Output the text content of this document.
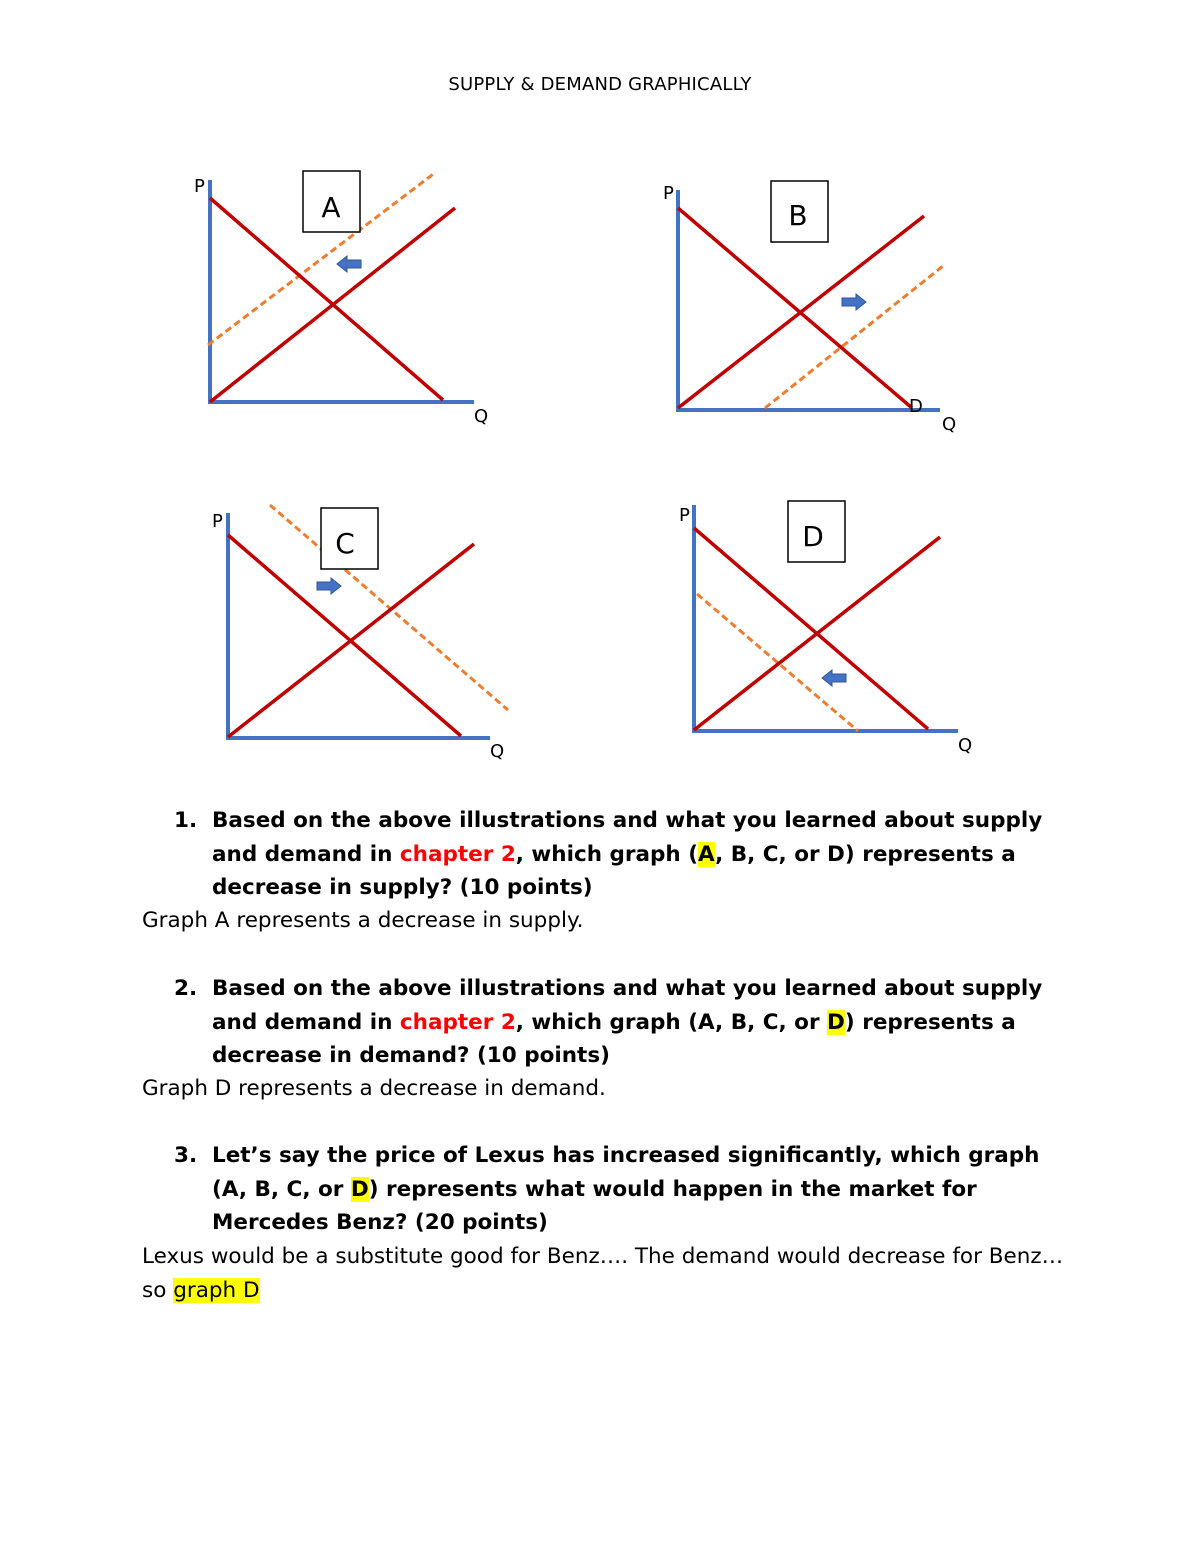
SUPPLY & DEMAND GRAPHICALLY
A
P
Q
B
D
P
Q
C
P
Q
D
P
Q
1. Based on the above illustrations and what you learned about supply and demand in chapter 2, which graph (A, B, C, or D) represents a decrease in supply? (10 points)
Graph A represents a decrease in supply.
2. Based on the above illustrations and what you learned about supply and demand in chapter 2, which graph (A, B, C, or D) represents a decrease in demand? (10 points)
Graph D represents a decrease in demand.
3. Let’s say the price of Lexus has increased significantly, which graph (A, B, C, or D) represents what would happen in the market for Mercedes Benz? (20 points)
Lexus would be a substitute good for Benz…. The demand would decrease for Benz… so graph D
